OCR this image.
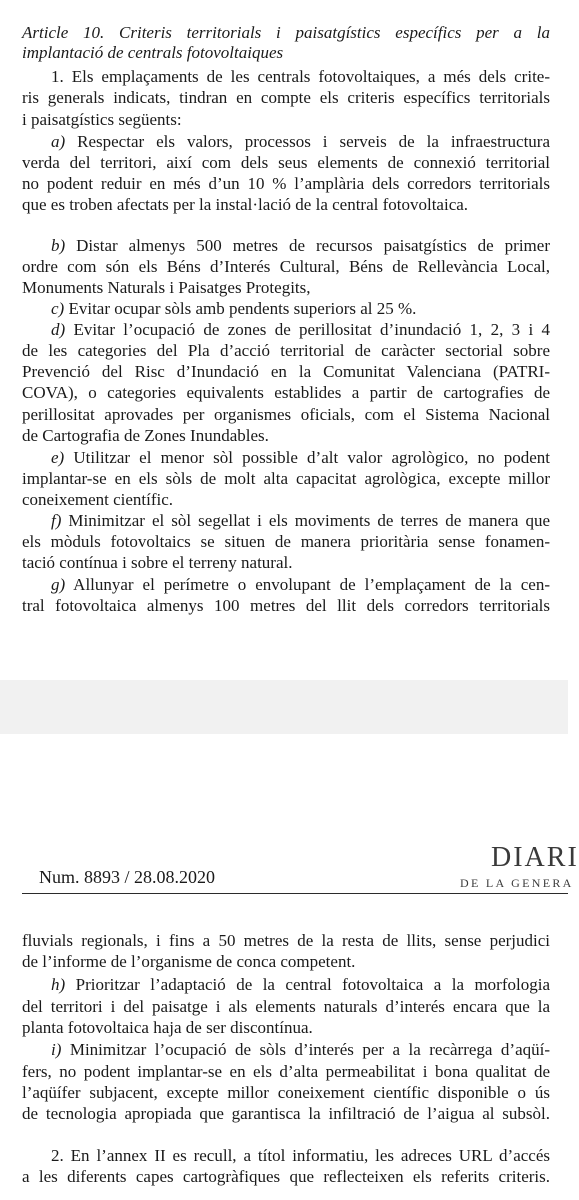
Num. 8893 / 28.08.2020
DIARI
DE LA GENERA
Article 10. Criteris territorials i paisatgístics específics per a la
implantació de centrals fotovoltaiques
1. Els emplaçaments de les centrals fotovoltaiques, a més dels crite-
ris generals indicats, tindran en compte els criteris específics territorials
i paisatgístics següents:
a) Respectar els valors, processos i serveis de la infraestructura
verda del territori, així com dels seus elements de connexió territorial
no podent reduir en més d’un 10 % l’amplària dels corredors territorials
que es troben afectats per la instal·lació de la central fotovoltaica.
b) Distar almenys 500 metres de recursos paisatgístics de primer
ordre com són els Béns d’Interés Cultural, Béns de Rellevància Local,
Monuments Naturals i Paisatges Protegits,
c) Evitar ocupar sòls amb pendents superiors al 25 %.
d) Evitar l’ocupació de zones de perillositat d’inundació 1, 2, 3 i 4
de les categories del Pla d’acció territorial de caràcter sectorial sobre
Prevenció del Risc d’Inundació en la Comunitat Valenciana (PATRI-
COVA), o categories equivalents establides a partir de cartografies de
perillositat aprovades per organismes oficials, com el Sistema Nacional
de Cartografia de Zones Inundables.
e) Utilitzar el menor sòl possible d’alt valor agrològico, no podent
implantar-se en els sòls de molt alta capacitat agrològica, excepte millor
coneixement científic.
f) Minimitzar el sòl segellat i els moviments de terres de manera que
els mòduls fotovoltaics se situen de manera prioritària sense fonamen-
tació contínua i sobre el terreny natural.
g) Allunyar el perímetre o envolupant de l’emplaçament de la cen-
tral fotovoltaica almenys 100 metres del llit dels corredors territorials
fluvials regionals, i fins a 50 metres de la resta de llits, sense perjudici
de l’informe de l’organisme de conca competent.
h) Prioritzar l’adaptació de la central fotovoltaica a la morfologia
del territori i del paisatge i als elements naturals d’interés encara que la
planta fotovoltaica haja de ser discontínua.
i) Minimitzar l’ocupació de sòls d’interés per a la recàrrega d’aqüí-
fers, no podent implantar-se en els d’alta permeabilitat i bona qualitat de
l’aqüífer subjacent, excepte millor coneixement científic disponible o ús
de tecnologia apropiada que garantisca la infiltració de l’aigua al subsòl.
2. En l’annex II es recull, a títol informatiu, les adreces URL d’accés
a les diferents capes cartogràfiques que reflecteixen els referits criteris.
